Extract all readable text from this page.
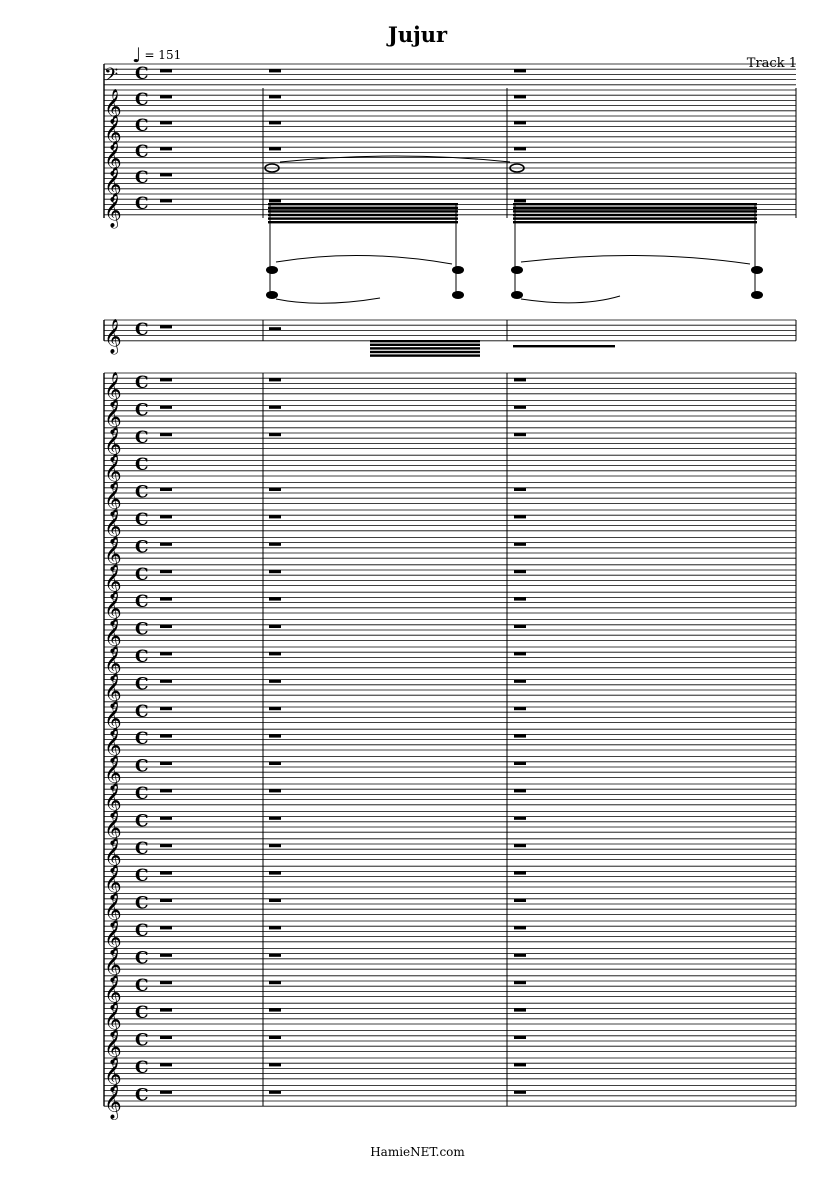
Jujur
Track 1
♩ = 151
𝄢 C
𝄞 C
𝄞 C
𝄞 C
𝄞 C
𝄞 C
𝄞 C
𝄞 C
𝄞 C
𝄞 C
𝄞 C
𝄞 C
𝄞 C
𝄞 C
𝄞 C
𝄞 C
𝄞 C
𝄞 C
𝄞 C
𝄞 C
𝄞 C
𝄞 C
𝄞 C
𝄞 C
𝄞 C
𝄞 C
𝄞 C
𝄞 C
𝄞 C
𝄞 C
𝄞 C
𝄞 C
𝄞 C
𝄞 C
HamieNET.com
